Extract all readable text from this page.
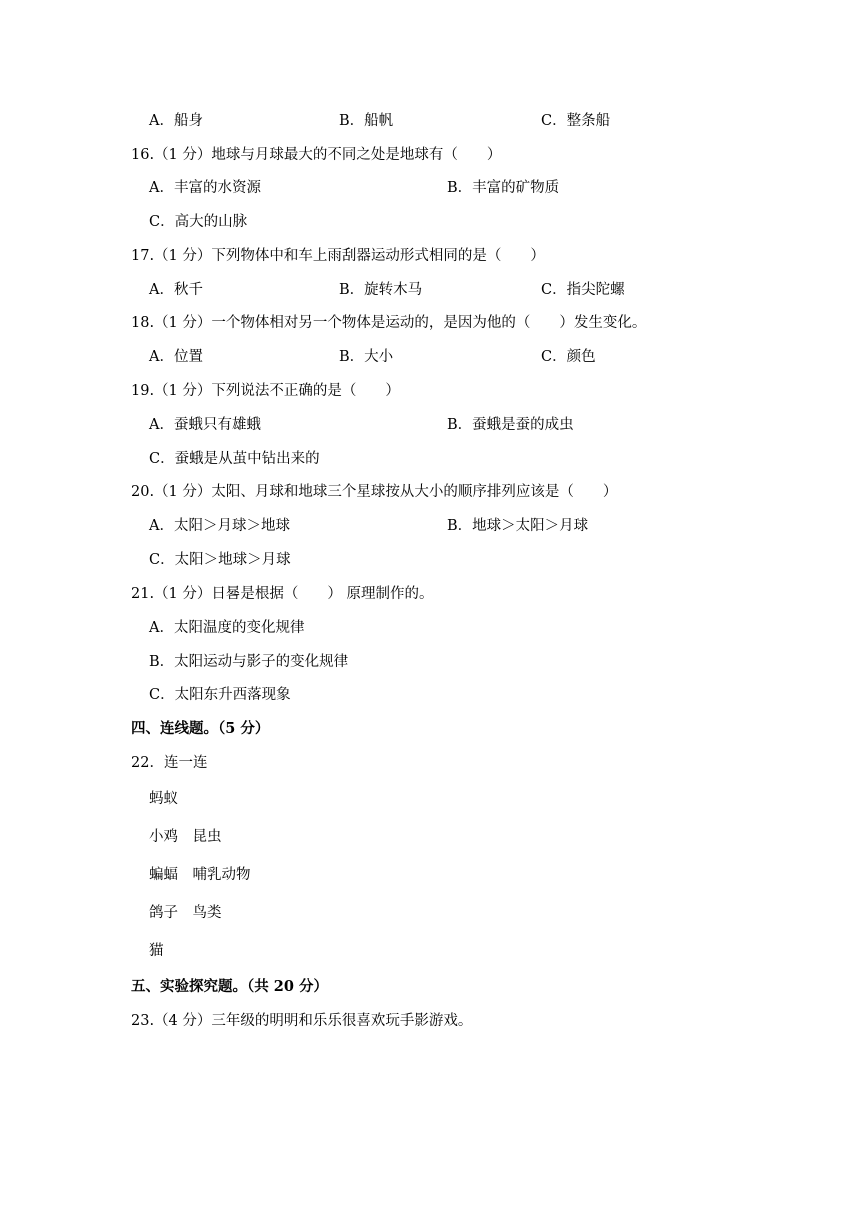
A．船身	B．船帆	C．整条船
16.（1 分）地球与月球最大的不同之处是地球有（　　）
A．丰富的水资源	B．丰富的矿物质
C．高大的山脉
17.（1 分）下列物体中和车上雨刮器运动形式相同的是（　　）
A．秋千	B．旋转木马	C．指尖陀螺
18.（1 分）一个物体相对另一个物体是运动的，是因为他的（　　）发生变化。
A．位置	B．大小	C．颜色
19.（1 分）下列说法不正确的是（　　）
A．蚕蛾只有雄蛾	B．蚕蛾是蚕的成虫
C．蚕蛾是从茧中钻出来的
20.（1 分）太阳、月球和地球三个星球按从大小的顺序排列应该是（　　）
A．太阳＞月球＞地球	B．地球＞太阳＞月球
C．太阳＞地球＞月球
21.（1 分）日晷是根据（　　） 原理制作的。
A．太阳温度的变化规律
B．太阳运动与影子的变化规律
C．太阳东升西落现象
四、连线题。（5 分）
22．连一连
蚂蚁
小鸡　昆虫
蝙蝠　哺乳动物
鸽子　鸟类
猫
五、实验探究题。（共 20 分）
23.（4 分）三年级的明明和乐乐很喜欢玩手影游戏。
